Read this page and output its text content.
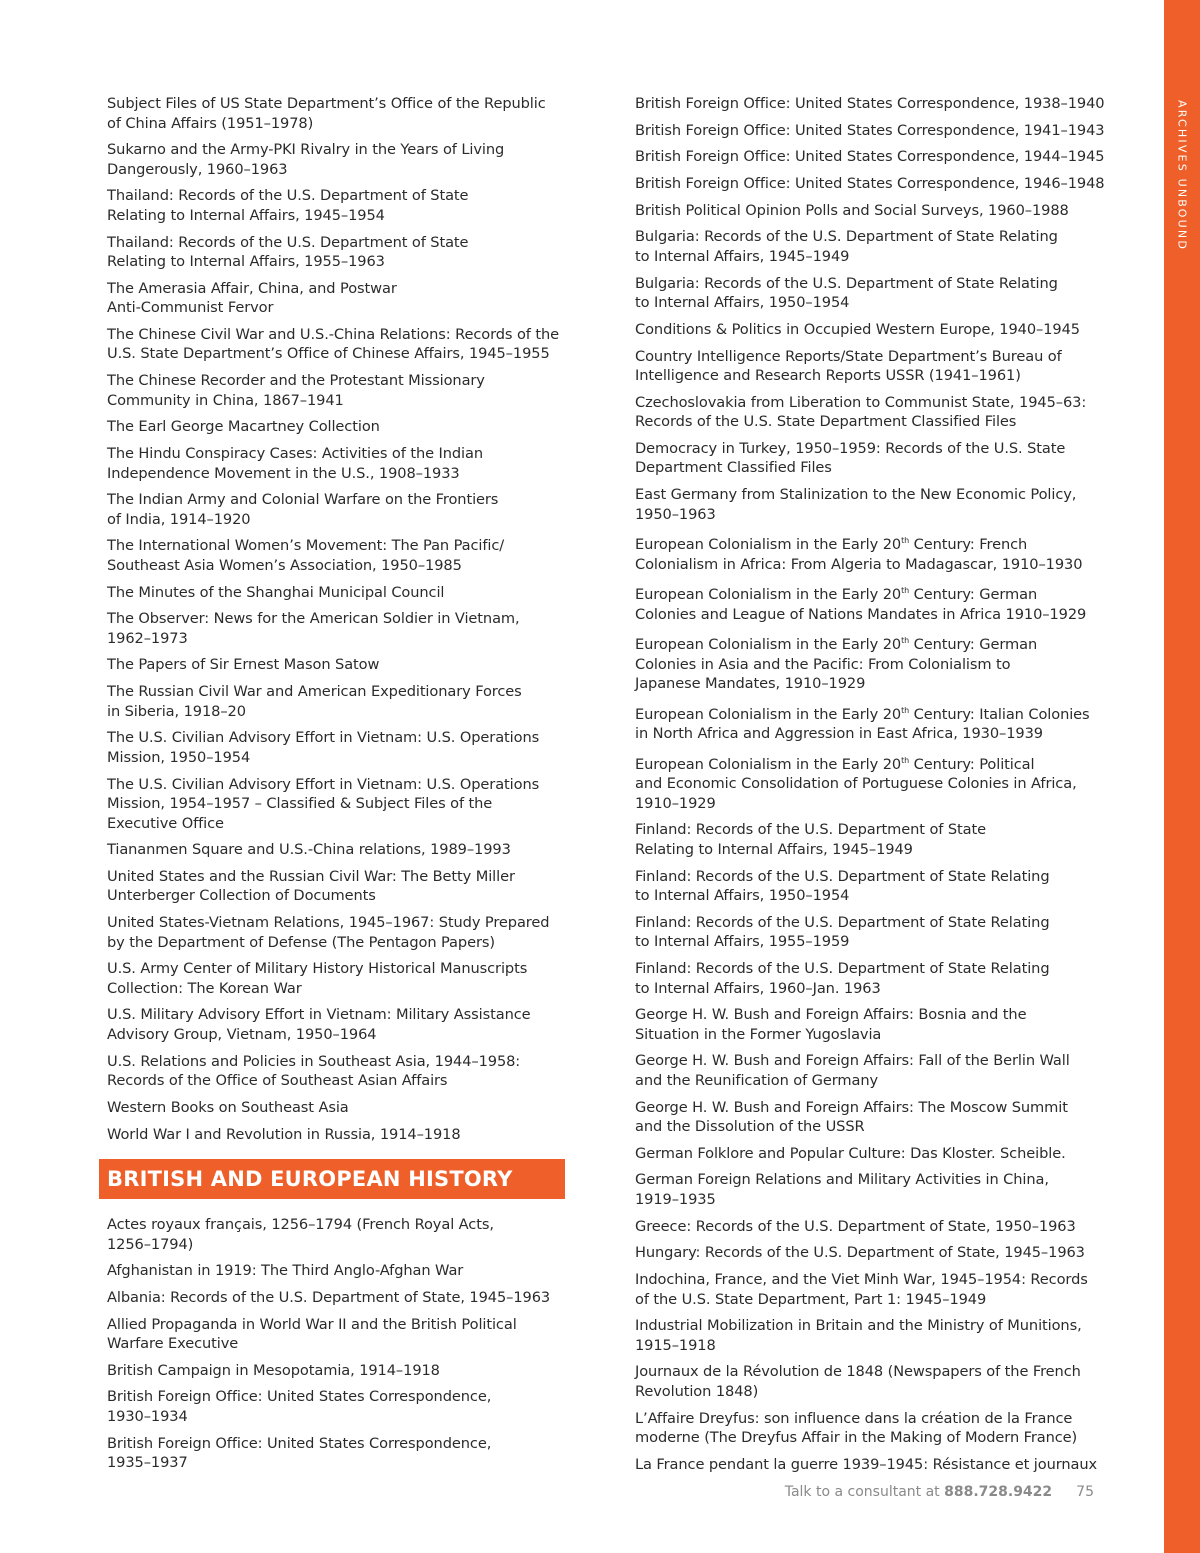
ARCHIVES UNBOUND
Subject Files of US State Department’s Office of the Republic
of China Affairs (1951–1978)
Sukarno and the Army-PKI Rivalry in the Years of Living
Dangerously, 1960–1963
Thailand: Records of the U.S. Department of State
Relating to Internal Affairs, 1945–1954
Thailand: Records of the U.S. Department of State
Relating to Internal Affairs, 1955–1963
The Amerasia Affair, China, and Postwar
Anti-Communist Fervor
The Chinese Civil War and U.S.-China Relations: Records of the
U.S. State Department’s Office of Chinese Affairs, 1945–1955
The Chinese Recorder and the Protestant Missionary
Community in China, 1867–1941
The Earl George Macartney Collection
The Hindu Conspiracy Cases: Activities of the Indian
Independence Movement in the U.S., 1908–1933
The Indian Army and Colonial Warfare on the Frontiers
of India, 1914–1920
The International Women’s Movement: The Pan Pacific/
Southeast Asia Women’s Association, 1950–1985
The Minutes of the Shanghai Municipal Council
The Observer: News for the American Soldier in Vietnam,
1962–1973
The Papers of Sir Ernest Mason Satow
The Russian Civil War and American Expeditionary Forces
in Siberia, 1918–20
The U.S. Civilian Advisory Effort in Vietnam: U.S. Operations
Mission, 1950–1954
The U.S. Civilian Advisory Effort in Vietnam: U.S. Operations
Mission, 1954–1957 – Classified & Subject Files of the
Executive Office
Tiananmen Square and U.S.-China relations, 1989–1993
United States and the Russian Civil War: The Betty Miller
Unterberger Collection of Documents
United States-Vietnam Relations, 1945–1967: Study Prepared
by the Department of Defense (The Pentagon Papers)
U.S. Army Center of Military History Historical Manuscripts
Collection: The Korean War
U.S. Military Advisory Effort in Vietnam: Military Assistance
Advisory Group, Vietnam, 1950–1964
U.S. Relations and Policies in Southeast Asia, 1944–1958:
Records of the Office of Southeast Asian Affairs
Western Books on Southeast Asia
World War I and Revolution in Russia, 1914–1918
BRITISH AND EUROPEAN HISTORY
Actes royaux français, 1256–1794 (French Royal Acts,
1256–1794)
Afghanistan in 1919: The Third Anglo-Afghan War
Albania: Records of the U.S. Department of State, 1945–1963
Allied Propaganda in World War II and the British Political
Warfare Executive
British Campaign in Mesopotamia, 1914–1918
British Foreign Office: United States Correspondence,
1930–1934
British Foreign Office: United States Correspondence,
1935–1937
British Foreign Office: United States Correspondence, 1938–1940
British Foreign Office: United States Correspondence, 1941–1943
British Foreign Office: United States Correspondence, 1944–1945
British Foreign Office: United States Correspondence, 1946–1948
British Political Opinion Polls and Social Surveys, 1960–1988
Bulgaria: Records of the U.S. Department of State Relating
to Internal Affairs, 1945–1949
Bulgaria: Records of the U.S. Department of State Relating
to Internal Affairs, 1950–1954
Conditions & Politics in Occupied Western Europe, 1940–1945
Country Intelligence Reports/State Department’s Bureau of
Intelligence and Research Reports USSR (1941–1961)
Czechoslovakia from Liberation to Communist State, 1945–63:
Records of the U.S. State Department Classified Files
Democracy in Turkey, 1950–1959: Records of the U.S. State
Department Classified Files
East Germany from Stalinization to the New Economic Policy,
1950–1963
European Colonialism in the Early 20th Century: French
Colonialism in Africa: From Algeria to Madagascar, 1910–1930
European Colonialism in the Early 20th Century: German
Colonies and League of Nations Mandates in Africa 1910–1929
European Colonialism in the Early 20th Century: German
Colonies in Asia and the Pacific: From Colonialism to
Japanese Mandates, 1910–1929
European Colonialism in the Early 20th Century: Italian Colonies
in North Africa and Aggression in East Africa, 1930–1939
European Colonialism in the Early 20th Century: Political
and Economic Consolidation of Portuguese Colonies in Africa,
1910–1929
Finland: Records of the U.S. Department of State
Relating to Internal Affairs, 1945–1949
Finland: Records of the U.S. Department of State Relating
to Internal Affairs, 1950–1954
Finland: Records of the U.S. Department of State Relating
to Internal Affairs, 1955–1959
Finland: Records of the U.S. Department of State Relating
to Internal Affairs, 1960–Jan. 1963
George H. W. Bush and Foreign Affairs: Bosnia and the
Situation in the Former Yugoslavia
George H. W. Bush and Foreign Affairs: Fall of the Berlin Wall
and the Reunification of Germany
George H. W. Bush and Foreign Affairs: The Moscow Summit
and the Dissolution of the USSR
German Folklore and Popular Culture: Das Kloster. Scheible.
German Foreign Relations and Military Activities in China,
1919–1935
Greece: Records of the U.S. Department of State, 1950–1963
Hungary: Records of the U.S. Department of State, 1945–1963
Indochina, France, and the Viet Minh War, 1945–1954: Records
of the U.S. State Department, Part 1: 1945–1949
Industrial Mobilization in Britain and the Ministry of Munitions,
1915–1918
Journaux de la Révolution de 1848 (Newspapers of the French
Revolution 1848)
L’Affaire Dreyfus: son influence dans la création de la France
moderne (The Dreyfus Affair in the Making of Modern France)
La France pendant la guerre 1939–1945: Résistance et journaux
Talk to a consultant at 888.728.9422 75
